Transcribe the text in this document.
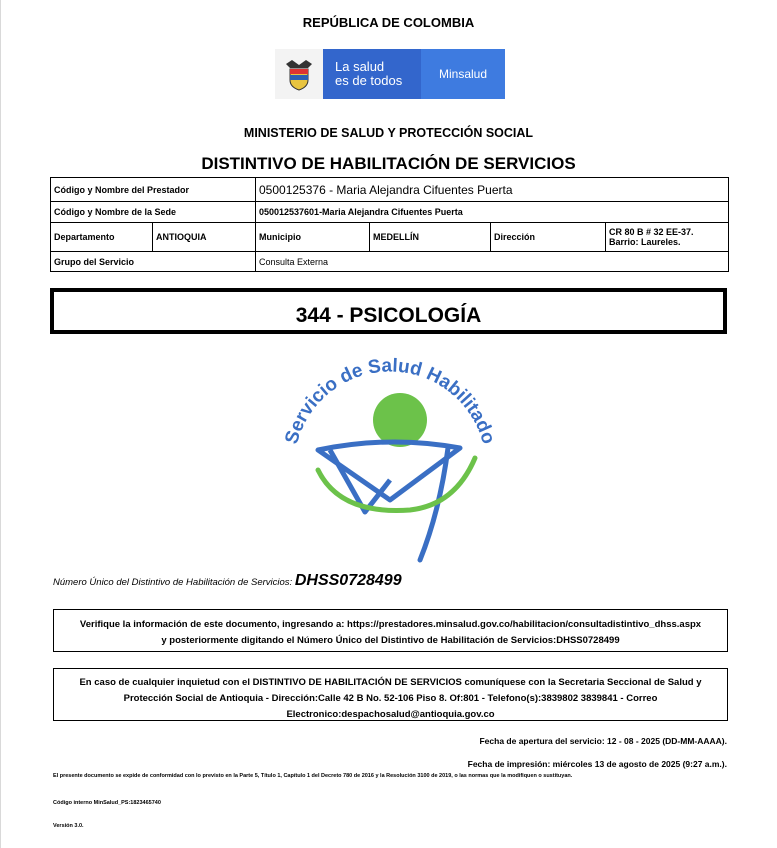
REPÚBLICA DE COLOMBIA
La salud
es de todos	Minsalud
MINISTERIO DE SALUD Y PROTECCIÓN SOCIAL
DISTINTIVO DE HABILITACIÓN DE SERVICIOS
Código y Nombre del Prestador		0500125376 - Maria Alejandra Cifuentes Puerta			
Código y Nombre de la Sede		050012537601-Maria Alejandra Cifuentes Puerta			
Departamento	ANTIOQUIA	Municipio	MEDELLÍN	Dirección	CR 80 B # 32 EE-37. Barrio: Laureles.
Grupo del Servicio		Consulta Externa			
344 - PSICOLOGÍA
Servicio de Salud Habilitado
Número Único del Distintivo de Habilitación de Servicios: DHSS0728499
Verifique la información de este documento, ingresando a: https://prestadores.minsalud.gov.co/habilitacion/consultadistintivo_dhss.aspx
y posteriormente digitando el Número Único del Distintivo de Habilitación de Servicios:DHSS0728499
En caso de cualquier inquietud con el DISTINTIVO DE HABILITACIÓN DE SERVICIOS comuníquese con la Secretaria Seccional de Salud y
Protección Social de Antioquia - Dirección:Calle 42 B No. 52-106 Piso 8. Of:801 - Telefono(s):3839802 3839841 - Correo
Electronico:despachosalud@antioquia.gov.co
Fecha de apertura del servicio: 12 - 08 - 2025 (DD-MM-AAAA).
Fecha de impresión: miércoles 13 de agosto de 2025 (9:27 a.m.).
El presente documento se expide de conformidad con lo previsto en la Parte 5, Título 1, Capítulo 1 del Decreto 780 de 2016 y la Resolución 3100 de 2019, o las normas que la modifiquen o sustituyan.
Código interno MinSalud_PS:1823465740
Versión 3.0.
